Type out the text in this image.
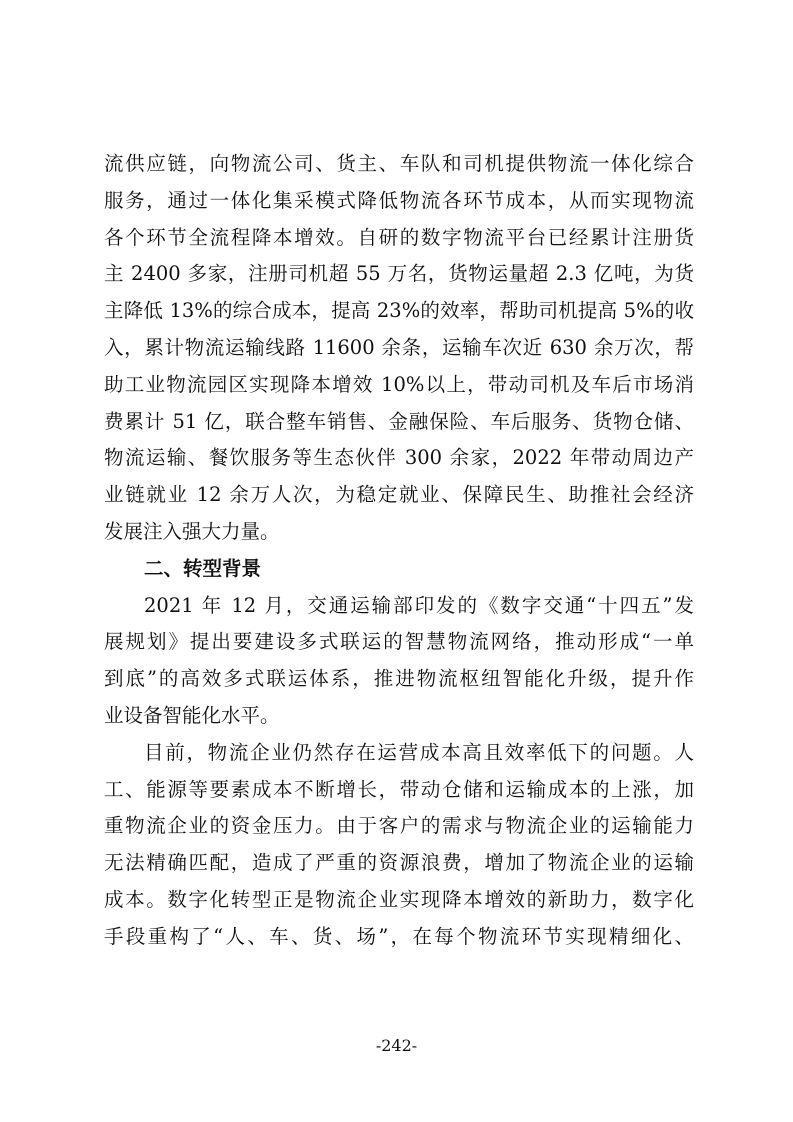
流供应链，向物流公司、货主、车队和司机提供物流一体化综合
服务，通过一体化集采模式降低物流各环节成本，从而实现物流
各个环节全流程降本增效。自研的数字物流平台已经累计注册货
主 2400 多家，注册司机超 55 万名，货物运量超 2.3 亿吨，为货
主降低 13%的综合成本，提高 23%的效率，帮助司机提高 5%的收
入，累计物流运输线路 11600 余条，运输车次近 630 余万次，帮
助工业物流园区实现降本增效 10%以上，带动司机及车后市场消
费累计 51 亿，联合整车销售、金融保险、车后服务、货物仓储、
物流运输、餐饮服务等生态伙伴 300 余家，2022 年带动周边产
业链就业 12 余万人次，为稳定就业、保障民生、助推社会经济
发展注入强大力量。
二、转型背景
2021 年 12 月，交通运输部印发的《数字交通“十四五”发
展规划》提出要建设多式联运的智慧物流网络，推动形成“一单
到底”的高效多式联运体系，推进物流枢纽智能化升级，提升作
业设备智能化水平。
目前，物流企业仍然存在运营成本高且效率低下的问题。人
工、能源等要素成本不断增长，带动仓储和运输成本的上涨，加
重物流企业的资金压力。由于客户的需求与物流企业的运输能力
无法精确匹配，造成了严重的资源浪费，增加了物流企业的运输
成本。数字化转型正是物流企业实现降本增效的新助力，数字化
手段重构了“人、车、货、场”，在每个物流环节实现精细化、
-242-
